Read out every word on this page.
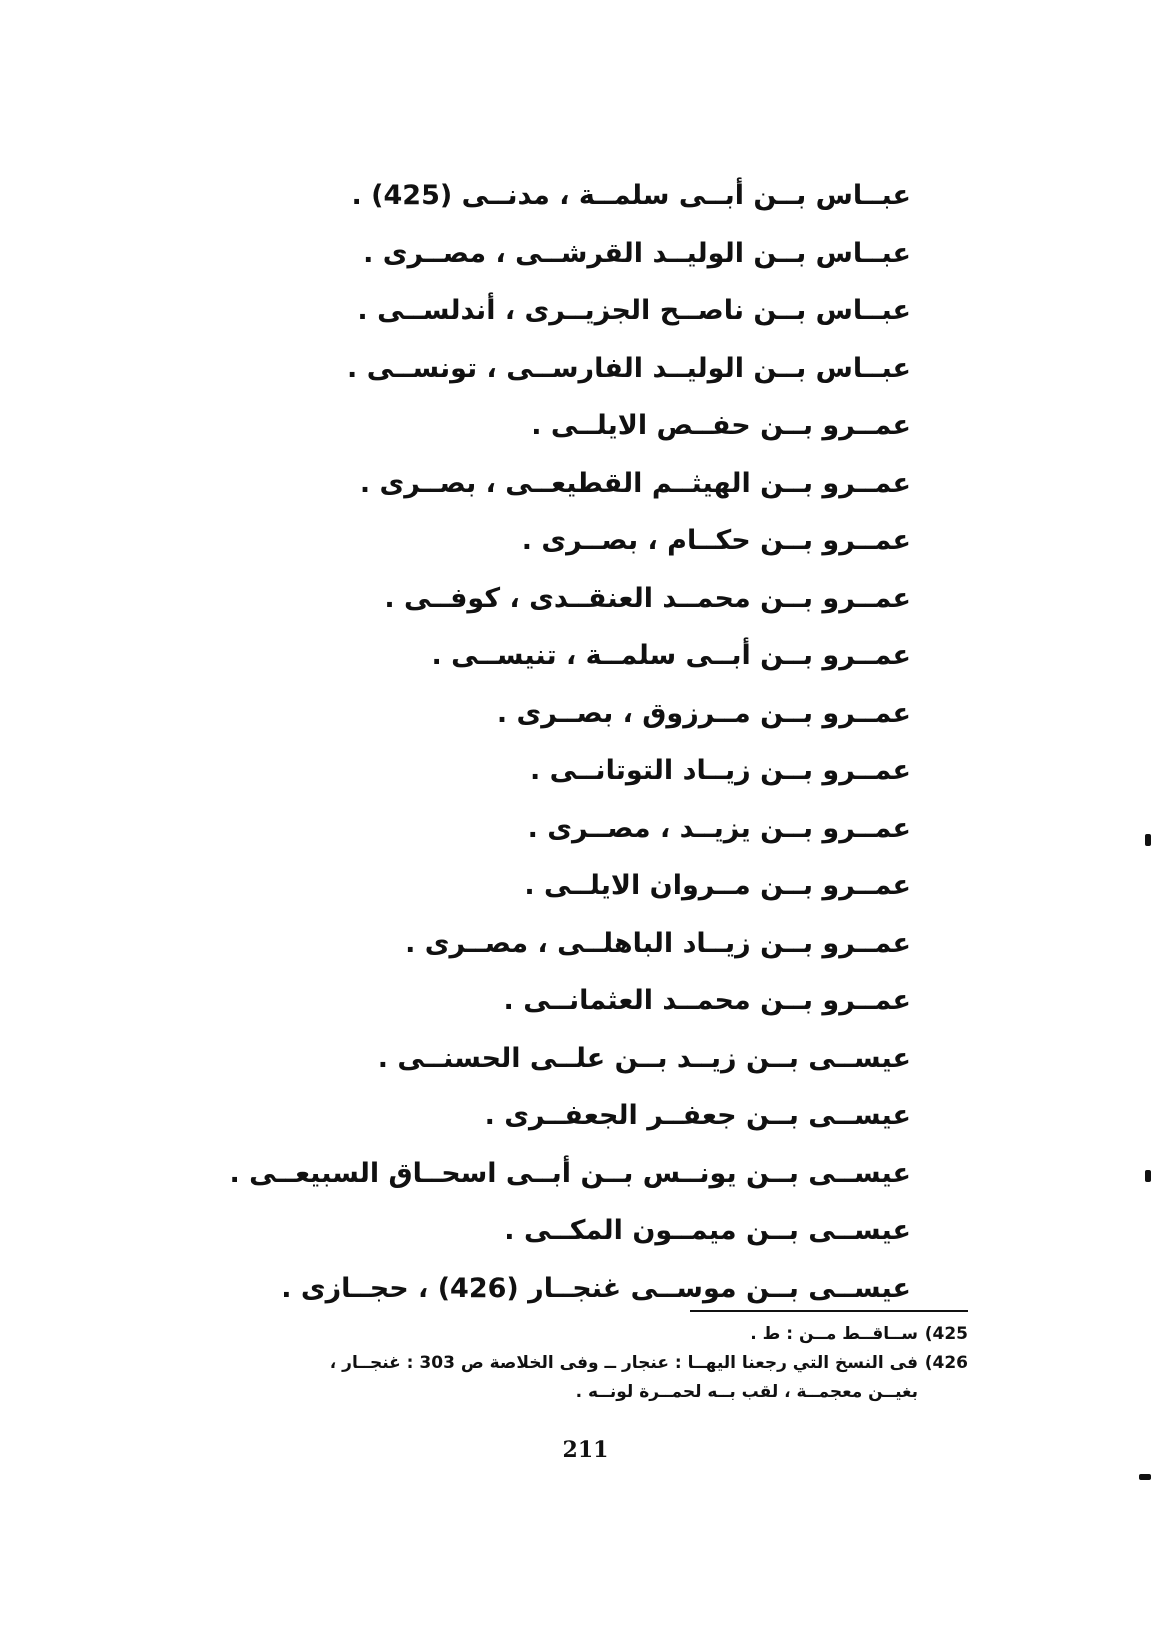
عبــاس بــن أبــى سلمــة ، مدنــى (425) .
عبــاس بــن الوليــد القرشــى ، مصــرى .
عبــاس بــن ناصــح الجزيــرى ، أندلســى .
عبــاس بــن الوليــد الفارســى ، تونســى .
عمــرو بــن حفــص الايلــى .
عمــرو بــن الهيثــم القطيعــى ، بصــرى .
عمــرو بــن حكــام ، بصــرى .
عمــرو بــن محمــد العنقــدى ، كوفــى .
عمــرو بــن أبــى سلمــة ، تنيســى .
عمــرو بــن مــرزوق ، بصــرى .
عمــرو بــن زيــاد التوتانــى .
عمــرو بــن يزيــد ، مصــرى .
عمــرو بــن مــروان الايلــى .
عمــرو بــن زيــاد الباهلــى ، مصــرى .
عمــرو بــن محمــد العثمانــى .
عيســى بــن زيــد بــن علــى الحسنــى .
عيســى بــن جعفــر الجعفــرى .
عيســى بــن يونــس بــن أبــى اسحــاق السبيعــى .
عيســى بــن ميمــون المكــى .
عيســى بــن موســى غنجــار (426) ، حجــازى .
425)
ســاقــط مــن : ط .
426)
فى النسخ التي رجعنا اليهــا : عنجار ــ وفى الخلاصة ص 303 : غنجــار ،
بغيــن معجمــة ، لقب بــه لحمــرة لونــه .
211
